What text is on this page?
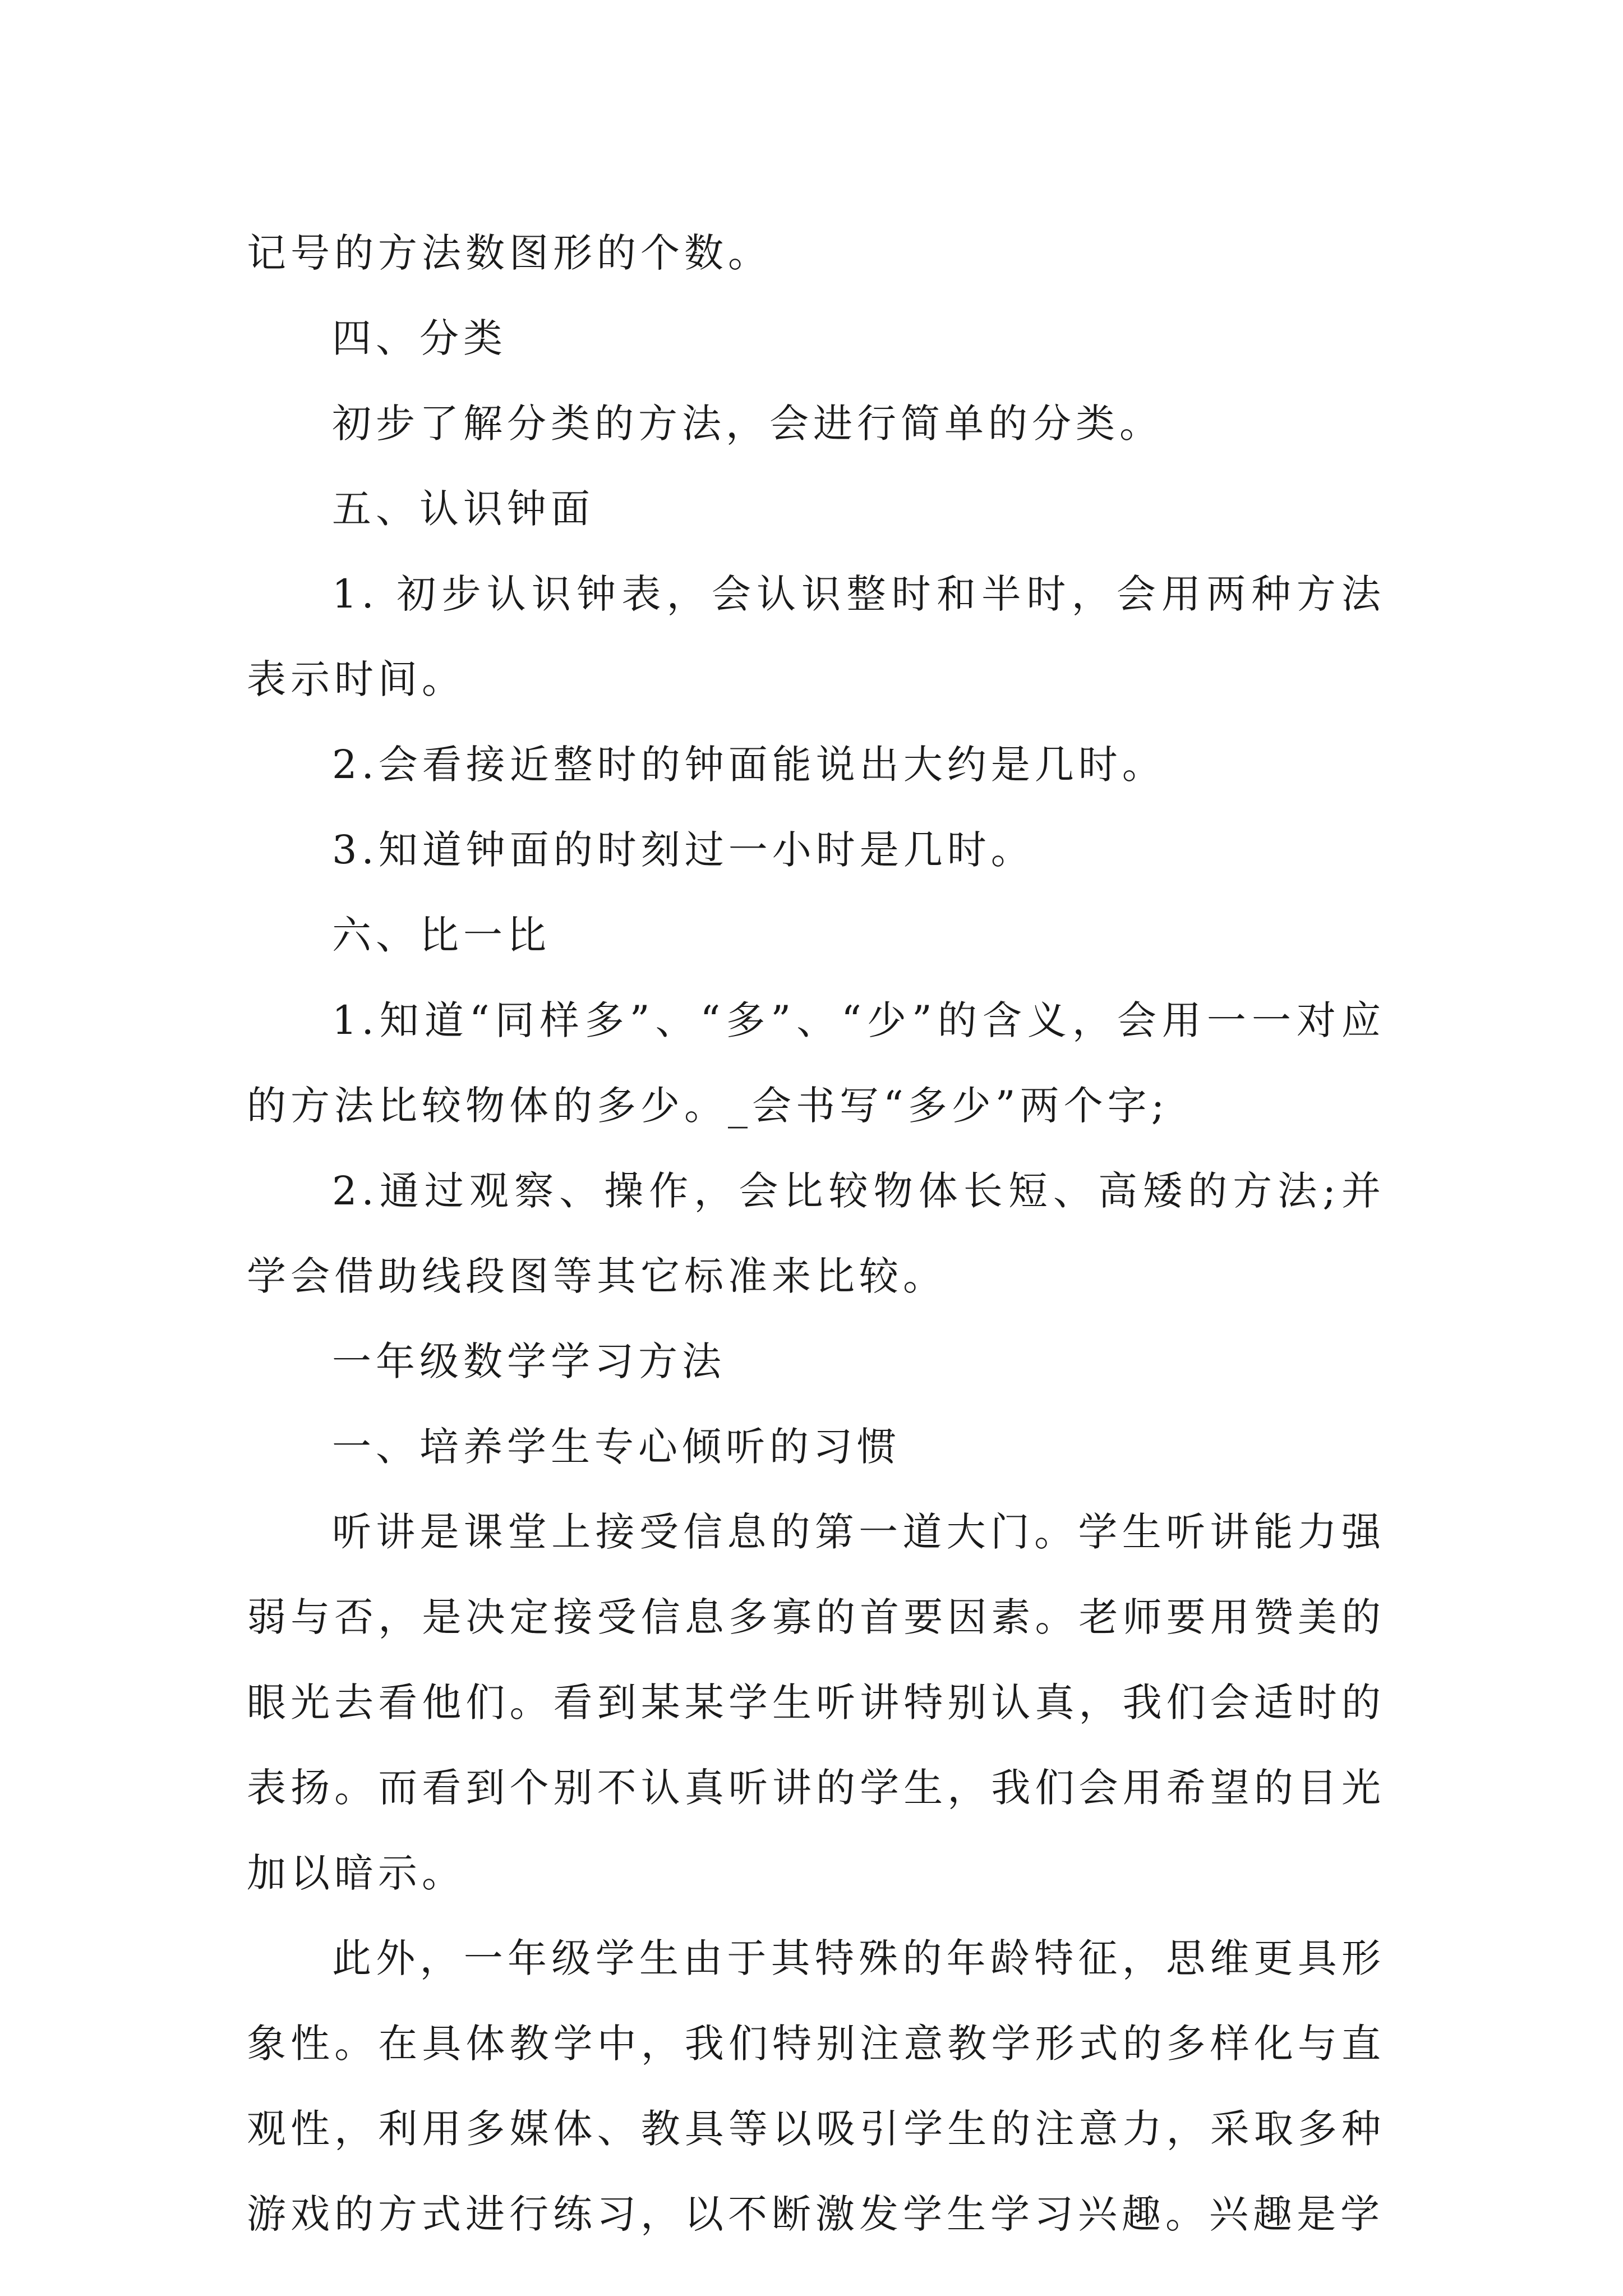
记号的方法数图形的个数。

四、分类

初步了解分类的方法，会进行简单的分类。

五、认识钟面

1. 初步认识钟表，会认识整时和半时，会用两种方法表示时间。

2.会看接近整时的钟面能说出大约是几时。

3.知道钟面的时刻过一小时是几时。

六、比一比

1.知道“同样多”、“多”、“少”的含义，会用一一对应的方法比较物体的多少。_会书写“多少”两个字;

2.通过观察、操作，会比较物体长短、高矮的方法;并学会借助线段图等其它标准来比较。

一年级数学学习方法

一、培养学生专心倾听的习惯

听讲是课堂上接受信息的第一道大门。学生听讲能力强弱与否，是决定接受信息多寡的首要因素。老师要用赞美的眼光去看他们。看到某某学生听讲特别认真，我们会适时的表扬。而看到个别不认真听讲的学生，我们会用希望的目光加以暗示。

此外，一年级学生由于其特殊的年龄特征，思维更具形象性。在具体教学中，我们特别注意教学形式的多样化与直观性，利用多媒体、教具等以吸引学生的注意力，采取多种游戏的方式进行练习，以不断激发学生学习兴趣。兴趣是学
